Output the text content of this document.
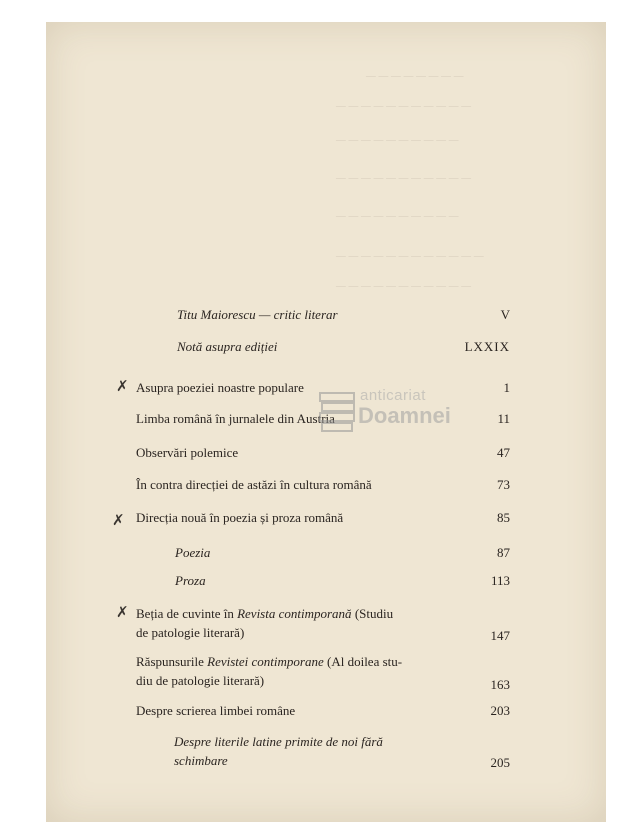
— — — — — — — —
— — — — — — — — — — —
— — — — — — — — — —
— — — — — — — — — — —
— — — — — — — — — —
— — — — — — — — — — — —
— — — — — — — — — — —
Titu Maiorescu — critic literar	V
Notă asupra ediției	LXXIX
✗
✗
✗
Asupra poeziei noastre populare	1
Limba română în jurnalele din Austria	11
Observări polemice	47
În contra direcției de astăzi în cultura română	73
Direcția nouă în poezia și proza română	85
Poezia	87
Proza	113
Beția de cuvinte în Revista contimporană (Studiu
de patologie literară)	147
Răspunsurile Revistei contimporane (Al doilea stu-
diu de patologie literară)	163
Despre scrierea limbei române	203
Despre literile latine primite de noi fără
schimbare	205
anticariat
Doamnei
